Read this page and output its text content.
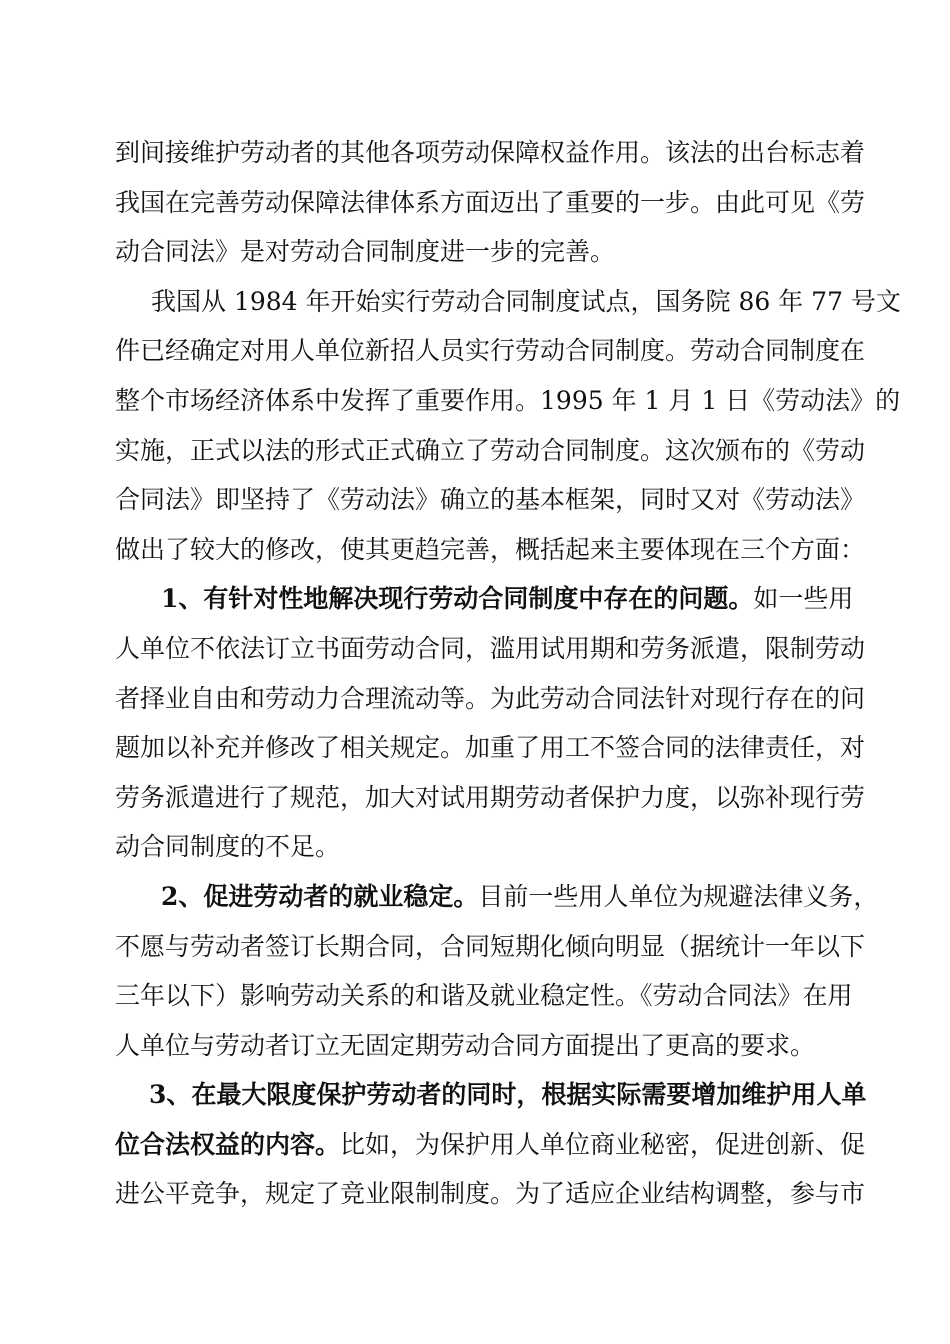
到间接维护劳动者的其他各项劳动保障权益作用。该法的出台标志着
我国在完善劳动保障法律体系方面迈出了重要的一步。由此可见《劳
动合同法》是对劳动合同制度进一步的完善。
我国从 1984 年开始实行劳动合同制度试点，国务院 86 年 77 号文
件已经确定对用人单位新招人员实行劳动合同制度。劳动合同制度在
整个市场经济体系中发挥了重要作用。1995 年 1 月 1 日《劳动法》的
实施，正式以法的形式正式确立了劳动合同制度。这次颁布的《劳动
合同法》即坚持了《劳动法》确立的基本框架，同时又对《劳动法》
做出了较大的修改，使其更趋完善，概括起来主要体现在三个方面：
1、有针对性地解决现行劳动合同制度中存在的问题。如一些用
人单位不依法订立书面劳动合同，滥用试用期和劳务派遣，限制劳动
者择业自由和劳动力合理流动等。为此劳动合同法针对现行存在的问
题加以补充并修改了相关规定。加重了用工不签合同的法律责任，对
劳务派遣进行了规范，加大对试用期劳动者保护力度，以弥补现行劳
动合同制度的不足。
2、促进劳动者的就业稳定。目前一些用人单位为规避法律义务，
不愿与劳动者签订长期合同，合同短期化倾向明显（据统计一年以下
三年以下）影响劳动关系的和谐及就业稳定性。《劳动合同法》在用
人单位与劳动者订立无固定期劳动合同方面提出了更高的要求。
3、在最大限度保护劳动者的同时，根据实际需要增加维护用人单
位合法权益的内容。比如，为保护用人单位商业秘密，促进创新、促
进公平竞争，规定了竞业限制制度。为了适应企业结构调整，参与市
